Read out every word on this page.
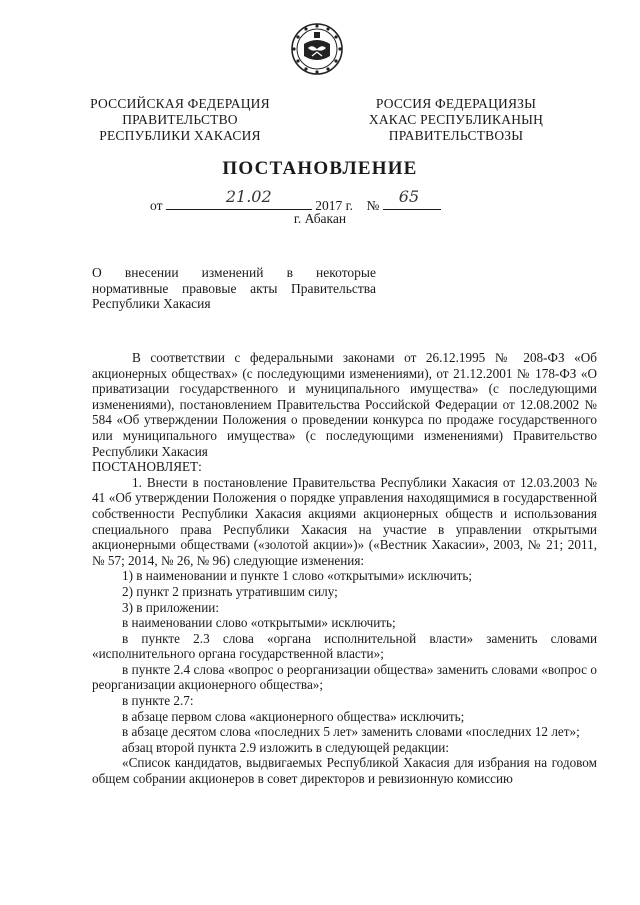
РОССИЙСКАЯ ФЕДЕРАЦИЯ
ПРАВИТЕЛЬСТВО
РЕСПУБЛИКИ ХАКАСИЯ
РОССИЯ ФЕДЕРАЦИЯЗЫ
ХАКАС РЕСПУБЛИКАНЫҢ
ПРАВИТЕЛЬСТВОЗЫ
ПОСТАНОВЛЕНИЕ
от	21.02	2017 г. № 65
г. Абакан
О внесении изменений в некоторые нормативные правовые акты Правительства Республики Хакасия

В соответствии с федеральными законами от 26.12.1995 № 208-ФЗ «Об акционерных обществах» (с последующими изменениями), от 21.12.2001 № 178-ФЗ «О приватизации государственного и муниципального имущества» (с последующими изменениями), постановлением Правительства Российской Федерации от 12.08.2002 № 584 «Об утверждении Положения о проведении конкурса по продаже государственного или муниципального имущества» (с последующими изменениями) Правительство Республики Хакасия

ПОСТАНОВЛЯЕТ:

1. Внести в постановление Правительства Республики Хакасия от 12.03.2003 № 41 «Об утверждении Положения о порядке управления находящимися в государственной собственности Республики Хакасия акциями акционерных обществ и использования специального права Республики Хакасия на участие в управлении открытыми акционерными обществами («золотой акции»)» («Вестник Хакасии», 2003, № 21; 2011, № 57; 2014, № 26, № 96) следующие изменения:

1) в наименовании и пункте 1 слово «открытыми» исключить;

2) пункт 2 признать утратившим силу;

3) в приложении:

в наименовании слово «открытыми» исключить;

в пункте 2.3 слова «органа исполнительной власти» заменить словами «исполнительного органа государственной власти»;

в пункте 2.4 слова «вопрос о реорганизации общества» заменить словами «вопрос о реорганизации акционерного общества»;

в пункте 2.7:

в абзаце первом слова «акционерного общества» исключить;

в абзаце десятом слова «последних 5 лет» заменить словами «последних 12 лет»;

абзац второй пункта 2.9 изложить в следующей редакции:

«Список кандидатов, выдвигаемых Республикой Хакасия для избрания на годовом общем собрании акционеров в совет директоров и ревизионную комиссию
